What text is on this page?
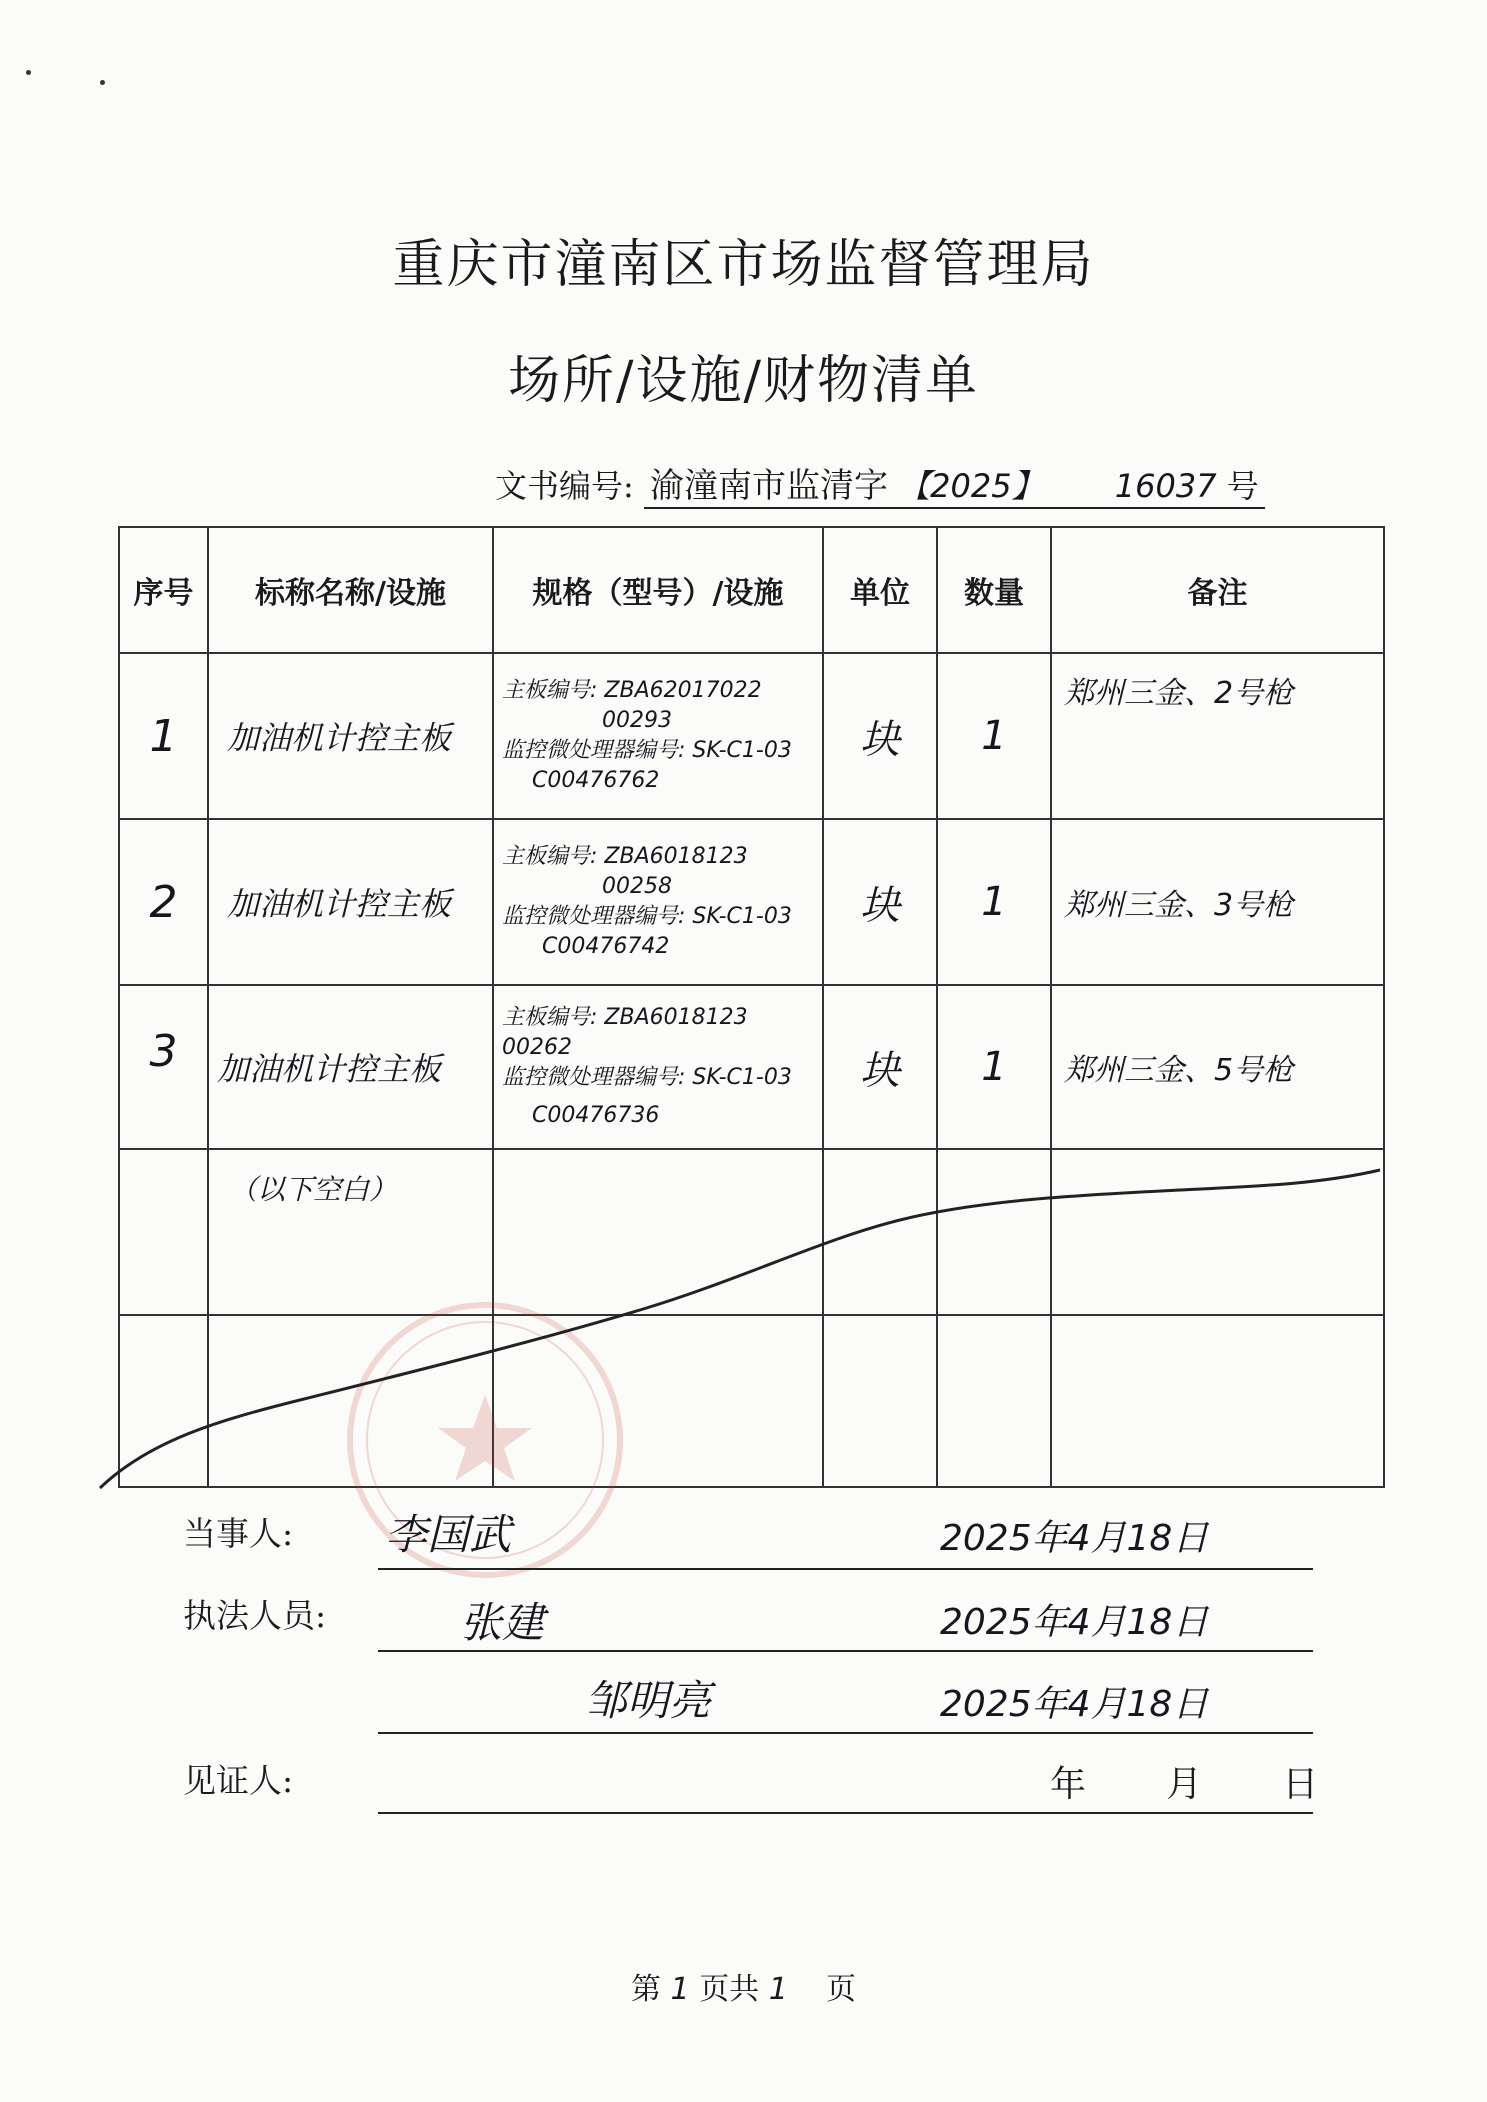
重庆市潼南区市场监督管理局
场所/设施/财物清单
文书编号: 渝潼南市监清字 【2025】 16037 号
序号	标称名称/设施	规格（型号）/设施	单位	数量	备注
1	加油机计控主板	主板编号: ZBA62017022
00293
监控微处理器编号: SK-C1-03
C00476762	块	1	郑州三金、2号枪
2	加油机计控主板	主板编号: ZBA6018123
00258
监控微处理器编号: SK-C1-03
C00476742	块	1	郑州三金、3号枪
3	加油机计控主板	主板编号: ZBA6018123 00262
监控微处理器编号: SK-C1-03
C00476736	块	1	郑州三金、5号枪
	（以下空白）				

当事人: 李国武	2025年4月18日
执法人员:	张建	2025年4月18日
邹明亮	2025年4月18日
见证人:	年 月 日
第 1 页共 1 页
